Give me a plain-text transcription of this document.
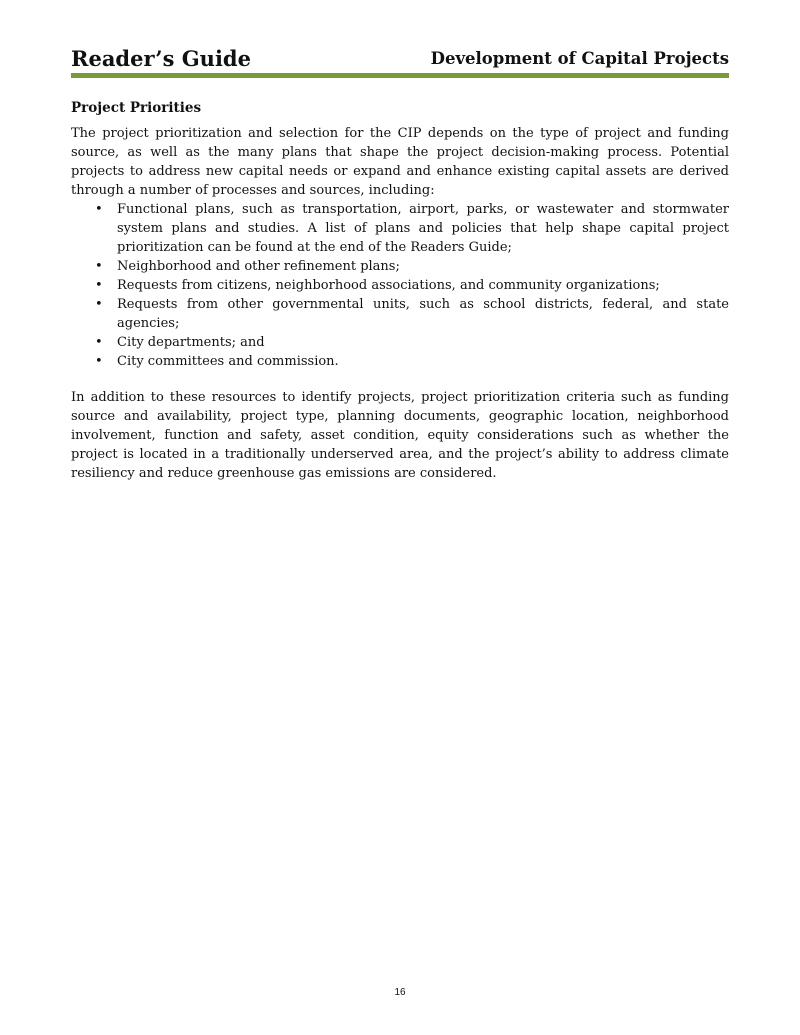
Reader’s Guide	Development of Capital Projects
Project Priorities

The project prioritization and selection for the CIP depends on the type of project and funding source, as well as the many plans that shape the project decision-making process. Potential projects to address new capital needs or expand and enhance existing capital assets are derived through a number of processes and sources, including:

• Functional plans, such as transportation, airport, parks, or wastewater and stormwater system plans and studies. A list of plans and policies that help shape capital project prioritization can be found at the end of the Readers Guide;
• Neighborhood and other refinement plans;
• Requests from citizens, neighborhood associations, and community organizations;
• Requests from other governmental units, such as school districts, federal, and state agencies;
• City departments; and
• City committees and commission.

In addition to these resources to identify projects, project prioritization criteria such as funding source and availability, project type, planning documents, geographic location, neighborhood involvement, function and safety, asset condition, equity considerations such as whether the project is located in a traditionally underserved area, and the project’s ability to address climate resiliency and reduce greenhouse gas emissions are considered.

16
